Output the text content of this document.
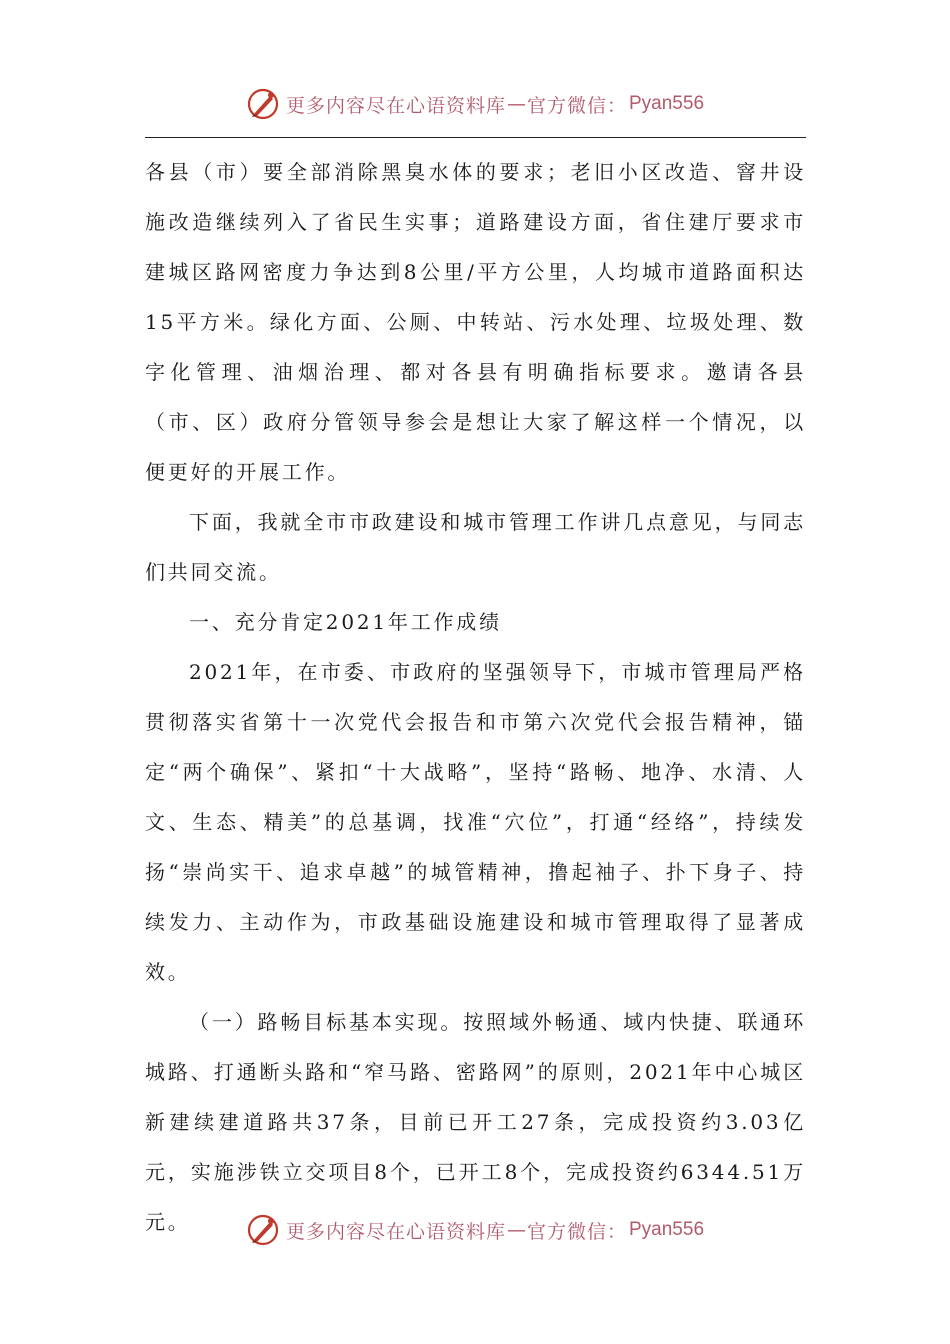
更多内容尽在心语资料库 — 官方微信： Pyan556

各县（市）要全部消除黑臭水体的要求；老旧小区改造、窨井设施改造继续列入了省民生实事；道路建设方面，省住建厅要求市建城区路网密度力争达到8公里/平方公里，人均城市道路面积达15平方米。绿化方面、公厕、中转站、污水处理、垃圾处理、数字化管理、油烟治理、都对各县有明确指标要求。邀请各县（市、区）政府分管领导参会是想让大家了解这样一个情况，以便更好的开展工作。

下面，我就全市市政建设和城市管理工作讲几点意见，与同志们共同交流。

一、充分肯定2021年工作成绩

2021年，在市委、市政府的坚强领导下，市城市管理局严格贯彻落实省第十一次党代会报告和市第六次党代会报告精神，锚定“两个确保”、紧扣“十大战略”，坚持“路畅、地净、水清、人文、生态、精美”的总基调，找准“穴位”，打通“经络”，持续发扬“崇尚实干、追求卓越”的城管精神，撸起袖子、扑下身子、持续发力、主动作为，市政基础设施建设和城市管理取得了显著成效。

（一）路畅目标基本实现。按照域外畅通、域内快捷、联通环城路、打通断头路和“窄马路、密路网”的原则，2021年中心城区新建续建道路共37条，目前已开工27条，完成投资约3.03亿元，实施涉铁立交项目8个，已开工8个，完成投资约6344.51万元。	更多内容尽在心语资料库 — 官方微信： Pyan556
